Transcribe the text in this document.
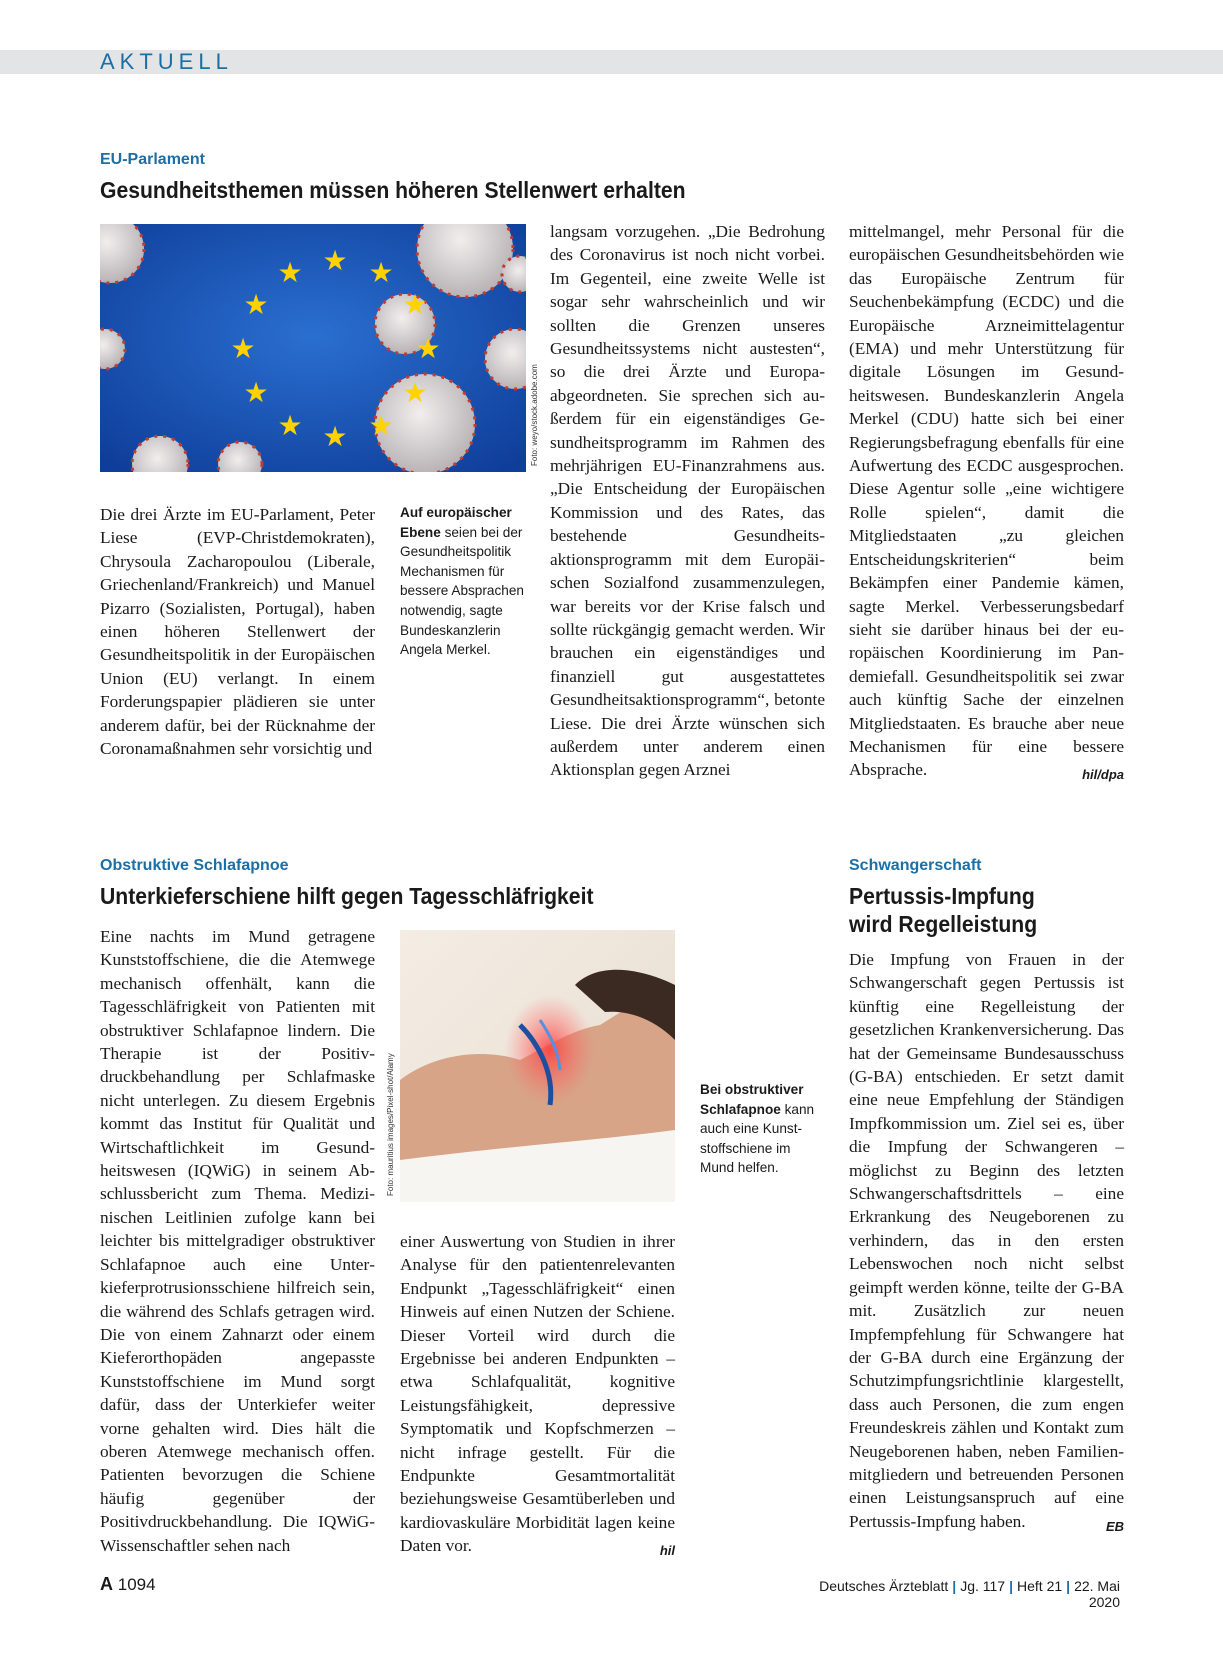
AKTUELL

EU-Parlament

Gesundheitsthemen müssen höheren Stellenwert erhalten

★ ★
★
★
★
★
★
★
★
★
★
★
Foto: weyo/stock.adobe.com
Auf europäischer Ebene seien bei der Gesundheitspolitik Mechanismen für bessere Absprachen notwendig, sagte Bundeskanzlerin Angela Merkel.

Die drei Ärzte im EU-Parlament, Peter Liese (EVP-Christdemokraten), Chrysoula Zacharopoulou (Liberale, Griechenland/Frankreich) und Manuel Pizarro (Sozialisten, Portugal), haben einen höheren Stellenwert der Gesundheitspolitik in der Europäischen Union (EU) verlangt. In einem Forderungspapier plädieren sie unter anderem dafür, bei der Rücknahme der Coronamaßnahmen sehr vorsichtig und

langsam vorzugehen. „Die Bedrohung des Coronavirus ist noch nicht vorbei. Im Gegenteil, eine zweite Welle ist sogar sehr wahrscheinlich und wir sollten die Grenzen unseres Gesundheitssystems nicht austesten“, so die drei Ärzte und Europaabgeordneten. Sie sprechen sich außerdem für ein eigenständiges Gesundheitsprogramm im Rahmen des mehrjährigen EU-Finanzrahmens aus. „Die Entscheidung der Europäischen Kommission und des Rates, das bestehende Gesundheitsaktionsprogramm mit dem Europäischen Sozialfond zusammenzulegen, war bereits vor der Krise falsch und sollte rückgängig gemacht werden. Wir brauchen ein eigenständiges und finanziell gut ausgestattetes Gesundheitsaktionsprogramm“, betonte Liese. Die drei Ärzte wünschen sich außerdem unter anderem einen Aktionsplan gegen Arznei

mittelmangel, mehr Personal für die europäischen Gesundheitsbehörden wie das Europäische Zentrum für Seuchenbekämpfung (ECDC) und die Europäische Arzneimittelagentur (EMA) und mehr Unterstützung für digitale Lösungen im Gesundheitswesen. Bundeskanzlerin Angela Merkel (CDU) hatte sich bei einer Regierungsbefragung ebenfalls für eine Aufwertung des ECDC ausgesprochen. Diese Agentur solle „eine wichtigere Rolle spielen“, damit die Mitgliedstaaten „zu gleichen Entscheidungskriterien“ beim Bekämpfen einer Pandemie kämen, sagte Merkel. Verbesserungsbedarf sieht sie darüber hinaus bei der europäischen Koordinierung im Pandemiefall. Gesundheitspolitik sei zwar auch künftig Sache der einzelnen Mitgliedstaaten. Es brauche aber neue Mechanismen für eine bessere Absprache.	hil/dpa

Obstruktive Schlafapnoe

Unterkieferschiene hilft gegen Tagesschläfrigkeit

Eine nachts im Mund getragene Kunststoffschiene, die die Atemwege mechanisch offenhält, kann die Tagesschläfrigkeit von Patienten mit obstruktiver Schlafapnoe lindern. Die Therapie ist der Positivdruckbehandlung per Schlafmaske nicht unterlegen. Zu diesem Ergebnis kommt das Institut für Qualität und Wirtschaftlichkeit im Gesundheitswesen (IQWiG) in seinem Abschlussbericht zum Thema. Medizinischen Leitlinien zufolge kann bei leichter bis mittelgradiger obstruktiver Schlafapnoe auch eine Unterkieferprotrusionsschiene hilfreich sein, die während des Schlafs getragen wird. Die von einem Zahnarzt oder einem Kieferorthopäden angepasste Kunststoffschiene im Mund sorgt dafür, dass der Unterkiefer weiter vorne gehalten wird. Dies hält die oberen Atemwege mechanisch offen. Patienten bevorzugen die Schiene häufig gegenüber der Positivdruckbehandlung. Die IQWiG-Wissenschaftler sehen nach

Foto: mauritius images/Pixel-shot/Alamy	Bei obstruktiver Schlafapnoe kann auch eine Kunststoffschiene im Mund helfen.

einer Auswertung von Studien in ihrer Analyse für den patientenrelevanten Endpunkt „Tagesschläfrigkeit“ einen Hinweis auf einen Nutzen der Schiene. Dieser Vorteil wird durch die Ergebnisse bei anderen Endpunkten – etwa Schlafqualität, kognitive Leistungsfähigkeit, depressive Symptomatik und Kopfschmerzen – nicht infrage gestellt. Für die Endpunkte Gesamtmortalität beziehungsweise Gesamtüberleben und kardiovaskuläre Morbidität lagen keine Daten vor.	hil

Schwangerschaft

Pertussis-Impfung wird Regelleistung

Die Impfung von Frauen in der Schwangerschaft gegen Pertussis ist künftig eine Regelleistung der gesetzlichen Krankenversicherung. Das hat der Gemeinsame Bundesausschuss (G-BA) entschieden. Er setzt damit eine neue Empfehlung der Ständigen Impfkommission um. Ziel sei es, über die Impfung der Schwangeren – möglichst zu Beginn des letzten Schwangerschaftsdrittels – eine Erkrankung des Neugeborenen zu verhindern, das in den ersten Lebenswochen noch nicht selbst geimpft werden könne, teilte der G-BA mit. Zusätzlich zur neuen Impfempfehlung für Schwangere hat der G-BA durch eine Ergänzung der Schutzimpfungsrichtlinie klargestellt, dass auch Personen, die zum engen Freundeskreis zählen und Kontakt zum Neugeborenen haben, neben Familienmitgliedern und betreuenden Personen einen Leistungsanspruch auf eine Pertussis-Impfung haben.	EB

A 1094	Deutsches Ärzteblatt | Jg. 117 | Heft 21 | 22. Mai 2020
